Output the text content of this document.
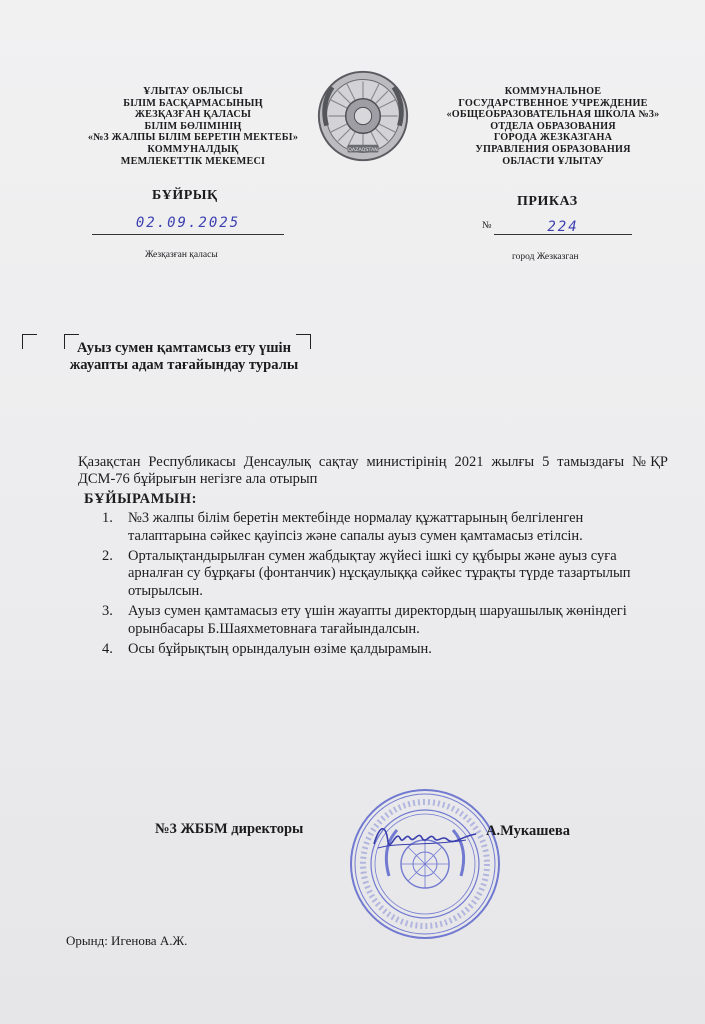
ҰЛЫТАУ ОБЛЫСЫ
БІЛІМ БАСҚАРМАСЫНЫҢ
ЖЕЗҚАЗҒАН ҚАЛАСЫ
БІЛІМ БӨЛІМІНІҢ
«№3 ЖАЛПЫ БІЛІМ БЕРЕТІН МЕКТЕБІ»
КОММУНАЛДЫҚ
МЕМЛЕКЕТТІК МЕКЕМЕСІ
QAZAQSTAN
КОММУНАЛЬНОЕ
ГОСУДАРСТВЕННОЕ УЧРЕЖДЕНИЕ
«ОБЩЕОБРАЗОВАТЕЛЬНАЯ ШКОЛА №3»
ОТДЕЛА ОБРАЗОВАНИЯ
ГОРОДА ЖЕЗКАЗГАНА
УПРАВЛЕНИЯ ОБРАЗОВАНИЯ
ОБЛАСТИ ҰЛЫТАУ
БҰЙРЫҚ	ПРИКАЗ
02.09.2025	№	224
Жезқазған қаласы	город Жезказган
Ауыз сумен қамтамсыз ету үшін жауапты адам тағайындау туралы
Қазақстан Республикасы Денсаулық сақтау министірінің 2021 жылғы 5 тамыздағы №ҚР ДСМ-76 бұйрығын негізге ала отырып
БҰЙЫРАМЫН:
1.	№3 жалпы білім беретін мектебінде нормалау құжаттарының белгіленген талаптарына сәйкес қауіпсіз және сапалы ауыз сумен қамтамасыз етілсін.
2.	Орталықтандырылған сумен жабдықтау жүйесі ішкі су құбыры және ауыз суға арналған су бұрқағы (фонтанчик) нұсқаулыққа сәйкес тұрақты түрде тазартылып отырылсын.
3.	Ауыз сумен қамтамасыз ету үшін жауапты директордың шаруашылық жөніндегі орынбасары Б.Шаяхметовнаға тағайындалсын.
4.	Осы бұйрықтың орындалуын өзіме қалдырамын.
№3 ЖББМ директоры	А.Мукашева
Орынд: Игенова А.Ж.
